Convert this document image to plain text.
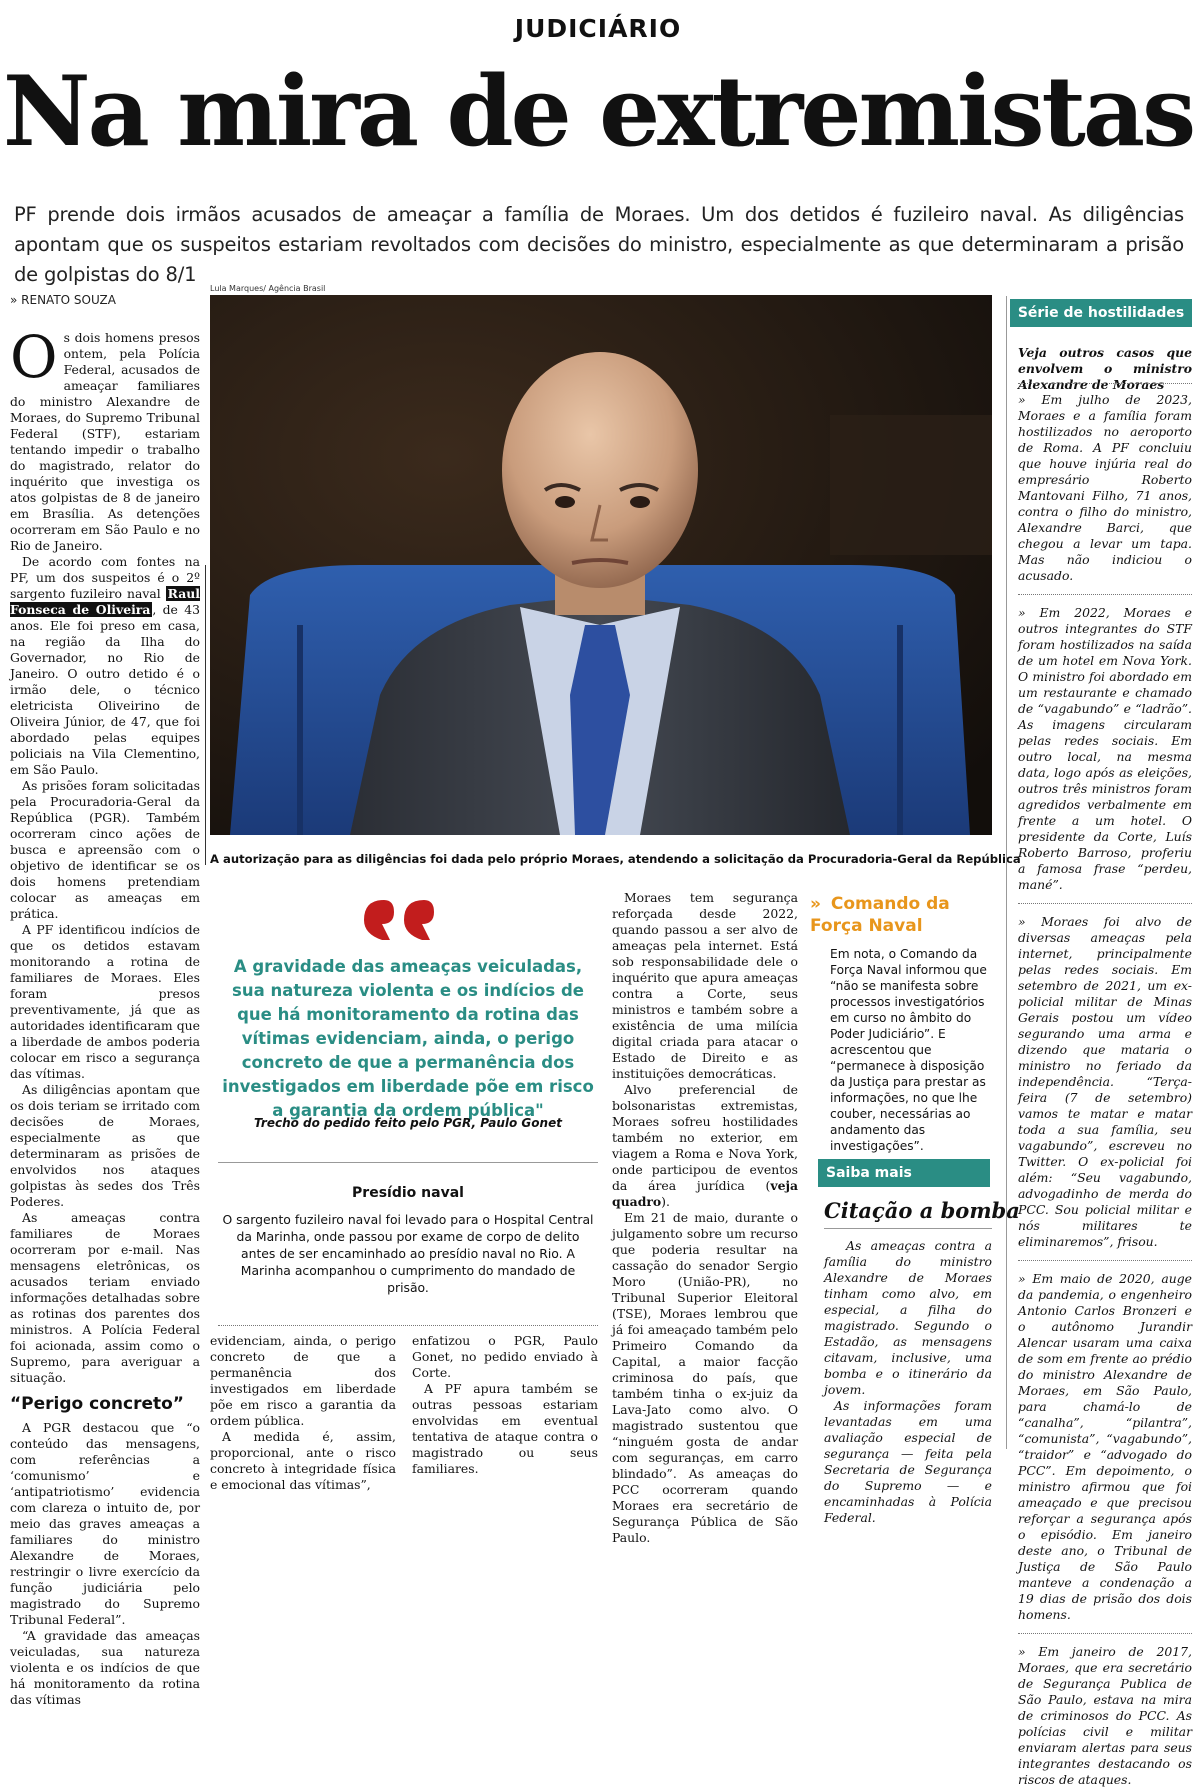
JUDICIÁRIO
Na mira de extremistas
PF prende dois irmãos acusados de ameaçar a família de Moraes. Um dos detidos é fuzileiro naval. As diligências apontam que os suspeitos estariam revoltados com decisões do ministro, especialmente as que determinaram a prisão de golpistas do 8/1
» RENATO SOUZA

Os dois homens presos ontem, pela Polícia Federal, acusados de ameaçar familiares do ministro Alexandre de Moraes, do Supremo Tribunal Federal (STF), estariam tentando impedir o trabalho do magistrado, relator do inquérito que investiga os atos golpistas de 8 de janeiro em Brasília. As detenções ocorreram em São Paulo e no Rio de Janeiro.

De acordo com fontes na PF, um dos suspeitos é o 2º sargento fuzileiro naval Raul Fonseca de Oliveira , de 43 anos. Ele foi preso em casa, na região da Ilha do Governador, no Rio de Janeiro. O outro detido é o irmão dele, o técnico eletricista Oliveirino de Oliveira Júnior, de 47, que foi abordado pelas equipes policiais na Vila Clementino, em São Paulo.

As prisões foram solicitadas pela Procuradoria-Geral da República (PGR). Também ocorreram cinco ações de busca e apreensão com o objetivo de identificar se os dois homens pretendiam colocar as ameaças em prática.

A PF identificou indícios de que os detidos estavam monitorando a rotina de familiares de Moraes. Eles foram presos preventivamente, já que as autoridades identificaram que a liberdade de ambos poderia colocar em risco a segurança das vítimas.

As diligências apontam que os dois teriam se irritado com decisões de Moraes, especialmente as que determinaram as prisões de envolvidos nos ataques golpistas às sedes dos Três Poderes.

As ameaças contra familiares de Moraes ocorreram por e-mail. Nas mensagens eletrônicas, os acusados teriam enviado informações detalhadas sobre as rotinas dos parentes dos ministros. A Polícia Federal foi acionada, assim como o Supremo, para averiguar a situação.

“Perigo concreto”

A PGR destacou que “o conteúdo das mensagens, com referências a ‘comunismo’ e ‘antipatriotismo’ evidencia com clareza o intuito de, por meio das graves ameaças a familiares do ministro Alexandre de Moraes, restringir o livre exercício da função judiciária pelo magistrado do Supremo Tribunal Federal”.

“A gravidade das ameaças veiculadas, sua natureza violenta e os indícios de que há monitoramento da rotina das vítimas

Lula Marques/ Agência Brasil
A autorização para as diligências foi dada pelo próprio Moraes, atendendo a solicitação da Procuradoria-Geral da República
A gravidade das ameaças veiculadas, sua natureza violenta e os indícios de que há monitoramento da rotina das vítimas evidenciam, ainda, o perigo concreto de que a permanência dos investigados em liberdade põe em risco a garantia da ordem pública"
Trecho do pedido feito pelo PGR, Paulo Gonet
Presídio naval

O sargento fuzileiro naval foi levado para o Hospital Central da Marinha, onde passou por exame de corpo de delito antes de ser encaminhado ao presídio naval no Rio. A Marinha acompanhou o cumprimento do mandado de prisão.

evidenciam, ainda, o perigo concreto de que a permanência dos investigados em liberdade põe em risco a garantia da ordem pública.

A medida é, assim, proporcional, ante o risco concreto à integridade física e emocional das vítimas”,

enfatizou o PGR, Paulo Gonet, no pedido enviado à Corte.

A PF apura também se outras pessoas estariam envolvidas em eventual tentativa de ataque contra o magistrado ou seus familiares.

Moraes tem segurança reforçada desde 2022, quando passou a ser alvo de ameaças pela internet. Está sob responsabilidade dele o inquérito que apura ameaças contra a Corte, seus ministros e também sobre a existência de uma milícia digital criada para atacar o Estado de Direito e as instituições democráticas.

Alvo preferencial de bolsonaristas extremistas, Moraes sofreu hostilidades também no exterior, em viagem a Roma e Nova York, onde participou de eventos da área jurídica (veja quadro).

Em 21 de maio, durante o julgamento sobre um recurso que poderia resultar na cassação do senador Sergio Moro (União-PR), no Tribunal Superior Eleitoral (TSE), Moraes lembrou que já foi ameaçado também pelo Primeiro Comando da Capital, a maior facção criminosa do país, que também tinha o ex-juiz da Lava-Jato como alvo. O magistrado sustentou que “ninguém gosta de andar com seguranças, em carro blindado”. As ameaças do PCC ocorreram quando Moraes era secretário de Segurança Pública de São Paulo.

» Comando da Força Naval
Em nota, o Comando da Força Naval informou que “não se manifesta sobre processos investigatórios em curso no âmbito do Poder Judiciário”. E acrescentou que “permanece à disposição da Justiça para prestar as informações, no que lhe couber, necessárias ao andamento das investigações”.
Saiba mais
Citação a bomba

As ameaças contra a família do ministro Alexandre de Moraes tinham como alvo, em especial, a filha do magistrado. Segundo o Estadão, as mensagens citavam, inclusive, uma bomba e o itinerário da jovem.

As informações foram levantadas em uma avaliação especial de segurança — feita pela Secretaria de Segurança do Supremo — e encaminhadas à Polícia Federal.

Série de hostilidades
Veja outros casos que envolvem o ministro Alexandre de Moraes

» Em julho de 2023, Moraes e a família foram hostilizados no aeroporto de Roma. A PF concluiu que houve injúria real do empresário Roberto Mantovani Filho, 71 anos, contra o filho do ministro, Alexandre Barci, que chegou a levar um tapa. Mas não indiciou o acusado.

» Em 2022, Moraes e outros integrantes do STF foram hostilizados na saída de um hotel em Nova York. O ministro foi abordado em um restaurante e chamado de “vagabundo” e “ladrão”. As imagens circularam pelas redes sociais. Em outro local, na mesma data, logo após as eleições, outros três ministros foram agredidos verbalmente em frente a um hotel. O presidente da Corte, Luís Roberto Barroso, proferiu a famosa frase “perdeu, mané”.

» Moraes foi alvo de diversas ameaças pela internet, principalmente pelas redes sociais. Em setembro de 2021, um ex-policial militar de Minas Gerais postou um vídeo segurando uma arma e dizendo que mataria o ministro no feriado da independência. “Terça-feira (7 de setembro) vamos te matar e matar toda a sua família, seu vagabundo”, escreveu no Twitter. O ex-policial foi além: “Seu vagabundo, advogadinho de merda do PCC. Sou policial militar e nós militares te eliminaremos”, frisou.

» Em maio de 2020, auge da pandemia, o engenheiro Antonio Carlos Bronzeri e o autônomo Jurandir Alencar usaram uma caixa de som em frente ao prédio do ministro Alexandre de Moraes, em São Paulo, para chamá-lo de “canalha”, “pilantra”, “comunista”, “vagabundo”, “traidor” e “advogado do PCC”. Em depoimento, o ministro afirmou que foi ameaçado e que precisou reforçar a segurança após o episódio. Em janeiro deste ano, o Tribunal de Justiça de São Paulo manteve a condenação a 19 dias de prisão dos dois homens.

» Em janeiro de 2017, Moraes, que era secretário de Segurança Publica de São Paulo, estava na mira de criminosos do PCC. As polícias civil e militar enviaram alertas para seus integrantes destacando os riscos de ataques.
